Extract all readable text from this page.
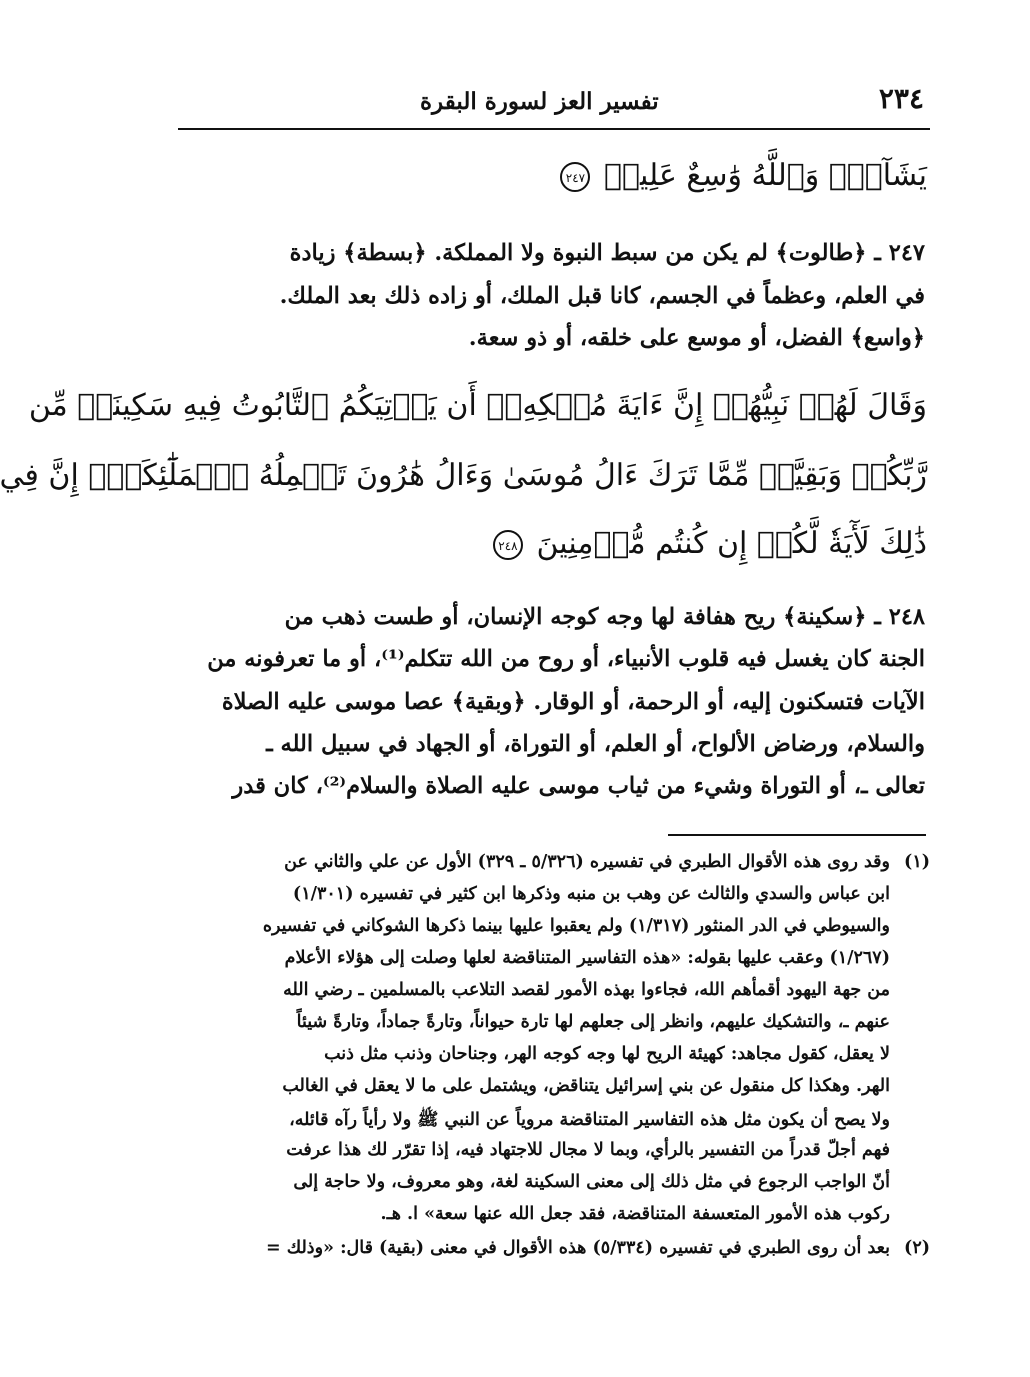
٢٣٤
تفسير العز لسورة البقرة
يَشَآءُۚ وَٱللَّهُ وَٰسِعٌ عَلِيمٞ ٢٤٧
٢٤٧ ـ ﴿طالوت﴾ لم يكن من سبط النبوة ولا المملكة. ﴿بسطة﴾ زيادة
في العلم، وعظماً في الجسم، كانا قبل الملك، أو زاده ذلك بعد الملك.
﴿واسع﴾ الفضل، أو موسع على خلقه، أو ذو سعة.
وَقَالَ لَهُمۡ نَبِيُّهُمۡ إِنَّ ءَايَةَ مُلۡكِهِۦٓ أَن يَأۡتِيَكُمُ ٱلتَّابُوتُ فِيهِ سَكِينَةٞ مِّن
رَّبِّكُمۡ وَبَقِيَّةٞ مِّمَّا تَرَكَ ءَالُ مُوسَىٰ وَءَالُ هَٰرُونَ تَحۡمِلُهُ ٱلۡمَلَٰٓئِكَةُۚ إِنَّ فِي
ذَٰلِكَ لَأٓيَةٗ لَّكُمۡ إِن كُنتُم مُّؤۡمِنِينَ ٢٤٨
٢٤٨ ـ ﴿سكينة﴾ ريح هفافة لها وجه كوجه الإنسان، أو طست ذهب من
الجنة كان يغسل فيه قلوب الأنبياء، أو روح من الله تتكلم⁽¹⁾، أو ما تعرفونه من
الآيات فتسكنون إليه، أو الرحمة، أو الوقار. ﴿وبقية﴾ عصا موسى عليه الصلاة
والسلام، ورضاض الألواح، أو العلم، أو التوراة، أو الجهاد في سبيل الله ـ
تعالى ـ، أو التوراة وشيء من ثياب موسى عليه الصلاة والسلام⁽²⁾، كان قدر
(١)
وقد روى هذه الأقوال الطبري في تفسيره (٥/٣٢٦ ـ ٣٢٩) الأول عن علي والثاني عن
ابن عباس والسدي والثالث عن وهب بن منبه وذكرها ابن كثير في تفسيره (١/٣٠١)
والسيوطي في الدر المنثور (١/٣١٧) ولم يعقبوا عليها بينما ذكرها الشوكاني في تفسيره
(١/٢٦٧) وعقب عليها بقوله: «هذه التفاسير المتناقضة لعلها وصلت إلى هؤلاء الأعلام
من جهة اليهود أقمأهم الله، فجاءوا بهذه الأمور لقصد التلاعب بالمسلمين ـ رضي الله
عنهم ـ، والتشكيك عليهم، وانظر إلى جعلهم لها تارة حيواناً، وتارةً جماداً، وتارةً شيئاً
لا يعقل، كقول مجاهد: كهيئة الريح لها وجه كوجه الهر، وجناحان وذنب مثل ذنب
الهر. وهكذا كل منقول عن بني إسرائيل يتناقض، ويشتمل على ما لا يعقل في الغالب
ولا يصح أن يكون مثل هذه التفاسير المتناقضة مروياً عن النبي ﷺ ولا رأياً رآه قائله،
فهم أجلّ قدراً من التفسير بالرأي، وبما لا مجال للاجتهاد فيه، إذا تقرّر لك هذا عرفت
أنّ الواجب الرجوع في مثل ذلك إلى معنى السكينة لغة، وهو معروف، ولا حاجة إلى
ركوب هذه الأمور المتعسفة المتناقضة، فقد جعل الله عنها سعة» ا. هـ.
(٢)
بعد أن روى الطبري في تفسيره (٥/٣٣٤) هذه الأقوال في معنى (بقية) قال: «وذلك =
